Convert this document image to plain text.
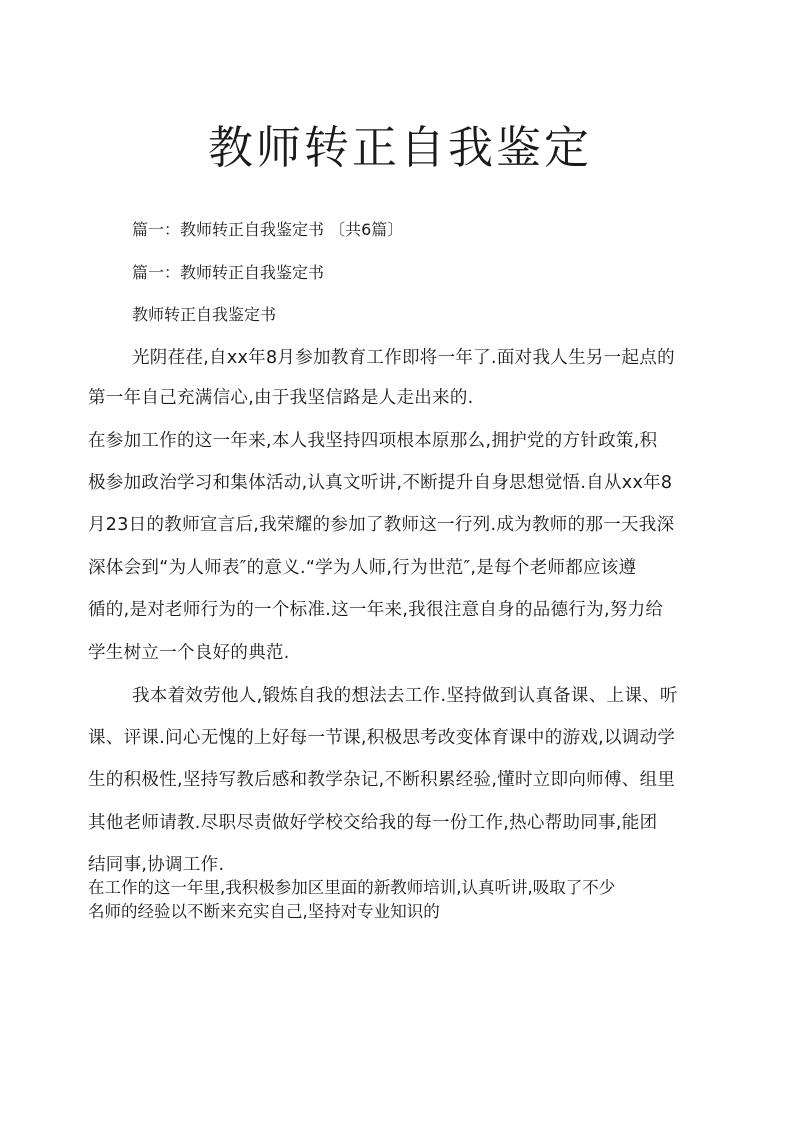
教师转正自我鉴定

篇一：教师转正自我鉴定书 〔共6篇〕

篇一：教师转正自我鉴定书

教师转正自我鉴定书

光阴荏荏,自xx年8月参加教育工作即将一年了.面对我人生另一起点的

第一年自己充满信心,由于我坚信路是人走出来的.

在参加工作的这一年来,本人我坚持四项根本原那么,拥护党的方针政策,积

极参加政治学习和集体活动,认真文听讲,不断提升自身思想觉悟.自从xx年8

月23日的教师宣言后,我荣耀的参加了教师这一行列.成为教师的那一天我深

深体会到“为人师表″的意义.“学为人师,行为世范″,是每个老师都应该遵

循的,是对老师行为的一个标准.这一年来,我很注意自身的品德行为,努力给

学生树立一个良好的典范.

我本着效劳他人,锻炼自我的想法去工作.坚持做到认真备课、上课、听

课、评课.问心无愧的上好每一节课,积极思考改变体育课中的游戏,以调动学

生的积极性,坚持写教后感和教学杂记,不断积累经验,懂时立即向师傅、组里

其他老师请教.尽职尽责做好学校交给我的每一份工作,热心帮助同事,能团

结同事,协调工作.

在工作的这一年里,我积极参加区里面的新教师培训,认真听讲,吸取了不少

名师的经验以不断来充实自己,坚持对专业知识的
